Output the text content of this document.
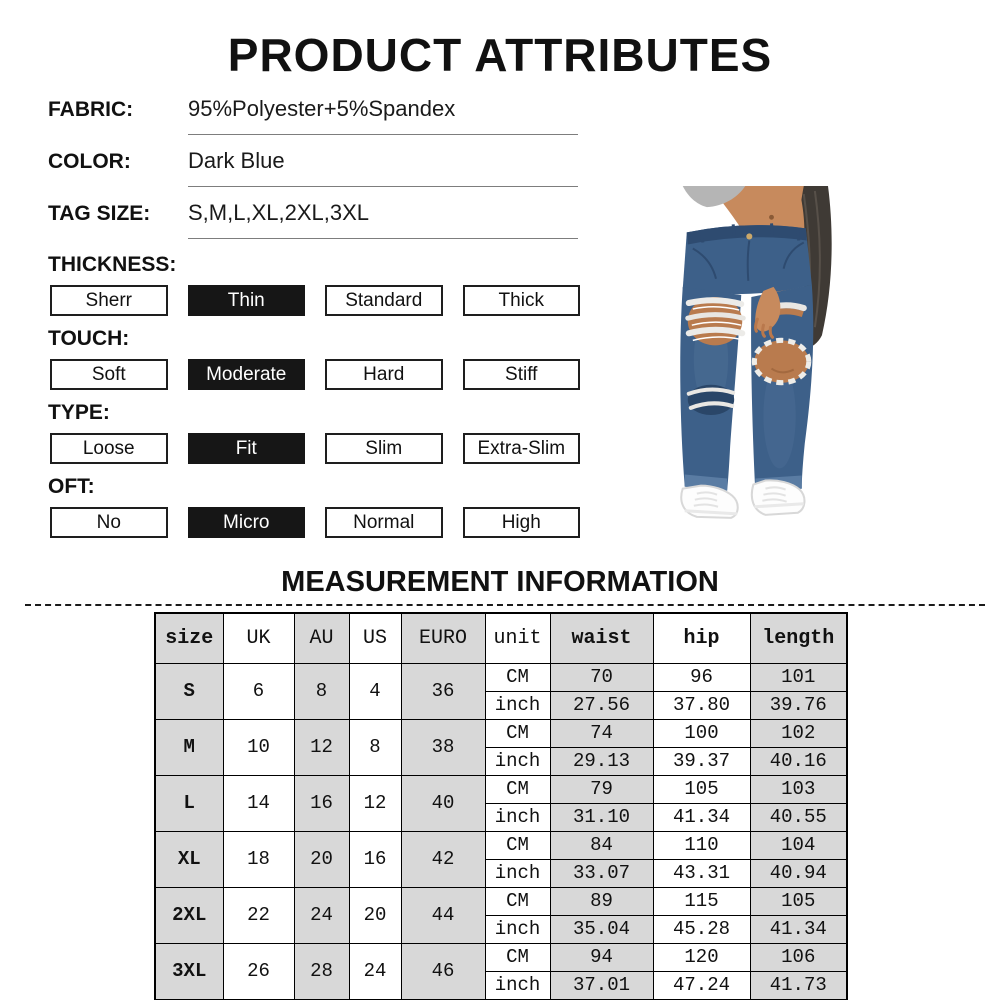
PRODUCT ATTRIBUTES
FABRIC: 95%Polyester+5%Spandex
COLOR:	Dark Blue
TAG SIZE: S,M,L,XL,2XL,3XL
THICKNESS:
Sherr	Thin	Standard	Thick
TOUCH:
Soft	Moderate	Hard	Stiff
TYPE:
Loose	Fit	Slim	Extra-Slim
OFT:
No	Micro	Normal	High
MEASUREMENT INFORMATION
size	UK	AU	US	EURO	unit	waist	hip	length
S	6	8	4	36	CM	70	96	101
					inch	27.56	37.80	39.76
M	10	12	8	38	CM	74	100	102
					inch	29.13	39.37	40.16
L	14	16	12	40	CM	79	105	103
					inch	31.10	41.34	40.55
XL	18	20	16	42	CM	84	110	104
					inch	33.07	43.31	40.94
2XL	22	24	20	44	CM	89	115	105
					inch	35.04	45.28	41.34
3XL	26	28	24	46	CM	94	120	106
					inch	37.01	47.24	41.73
